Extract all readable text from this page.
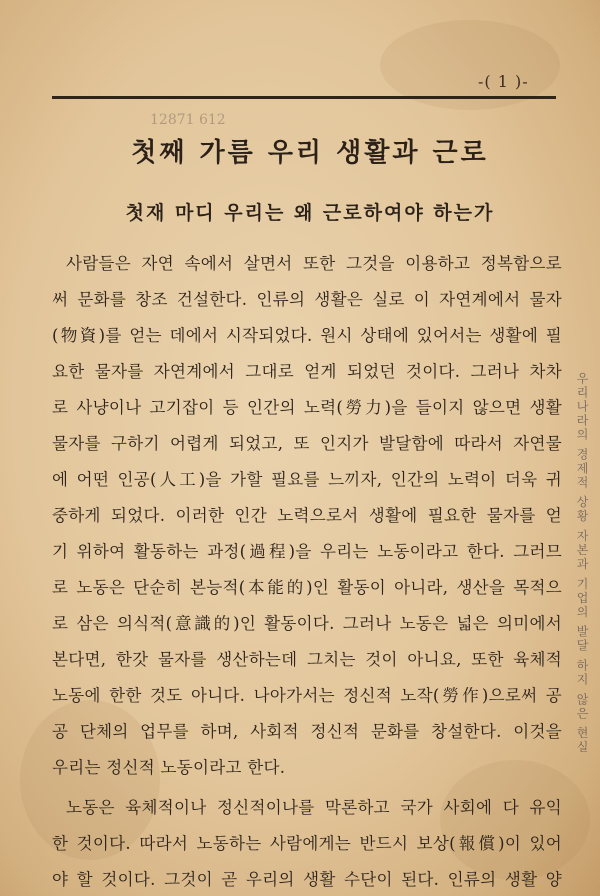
12871 612
-( 1 )-
첫째 가름 우리 생활과 근로
첫재 마디 우리는 왜 근로하여야 하는가
사람들은 자연 속에서 살면서 또한 그것을 이용하고 정복함으로
써 문화를 창조 건설한다. 인류의 생활은 실로 이 자연계에서 물자
(物資)를 얻는 데에서 시작되었다. 원시 상태에 있어서는 생활에 필
요한 물자를 자연계에서 그대로 얻게 되었던 것이다. 그러나 차차
로 사냥이나 고기잡이 등 인간의 노력(勞力)을 들이지 않으면 생활
물자를 구하기 어렵게 되었고, 또 인지가 발달함에 따라서 자연물
에 어떤 인공(人工)을 가할 필요를 느끼자, 인간의 노력이 더욱 귀
중하게 되었다. 이러한 인간 노력으로서 생활에 필요한 물자를 얻
기 위하여 활동하는 과정(過程)을 우리는 노동이라고 한다. 그러므
로 노동은 단순히 본능적(本能的)인 활동이 아니라, 생산을 목적으
로 삼은 의식적(意識的)인 활동이다. 그러나 노동은 넓은 의미에서
본다면, 한갓 물자를 생산하는데 그치는 것이 아니요, 또한 육체적
노동에 한한 것도 아니다. 나아가서는 정신적 노작(勞作)으로써 공
공 단체의 업무를 하며, 사회적 정신적 문화를 창설한다. 이것을
우리는 정신적 노동이라고 한다.
노동은 육체적이나 정신적이나를 막론하고 국가 사회에 다 유익
한 것이다. 따라서 노동하는 사람에게는 반드시 보상(報償)이 있어
야 할 것이다. 그것이 곧 우리의 생활 수단이 된다. 인류의 생활 양
우리나라의 경제적 상황 자본과 기업의 발달 하지 않은 현실
